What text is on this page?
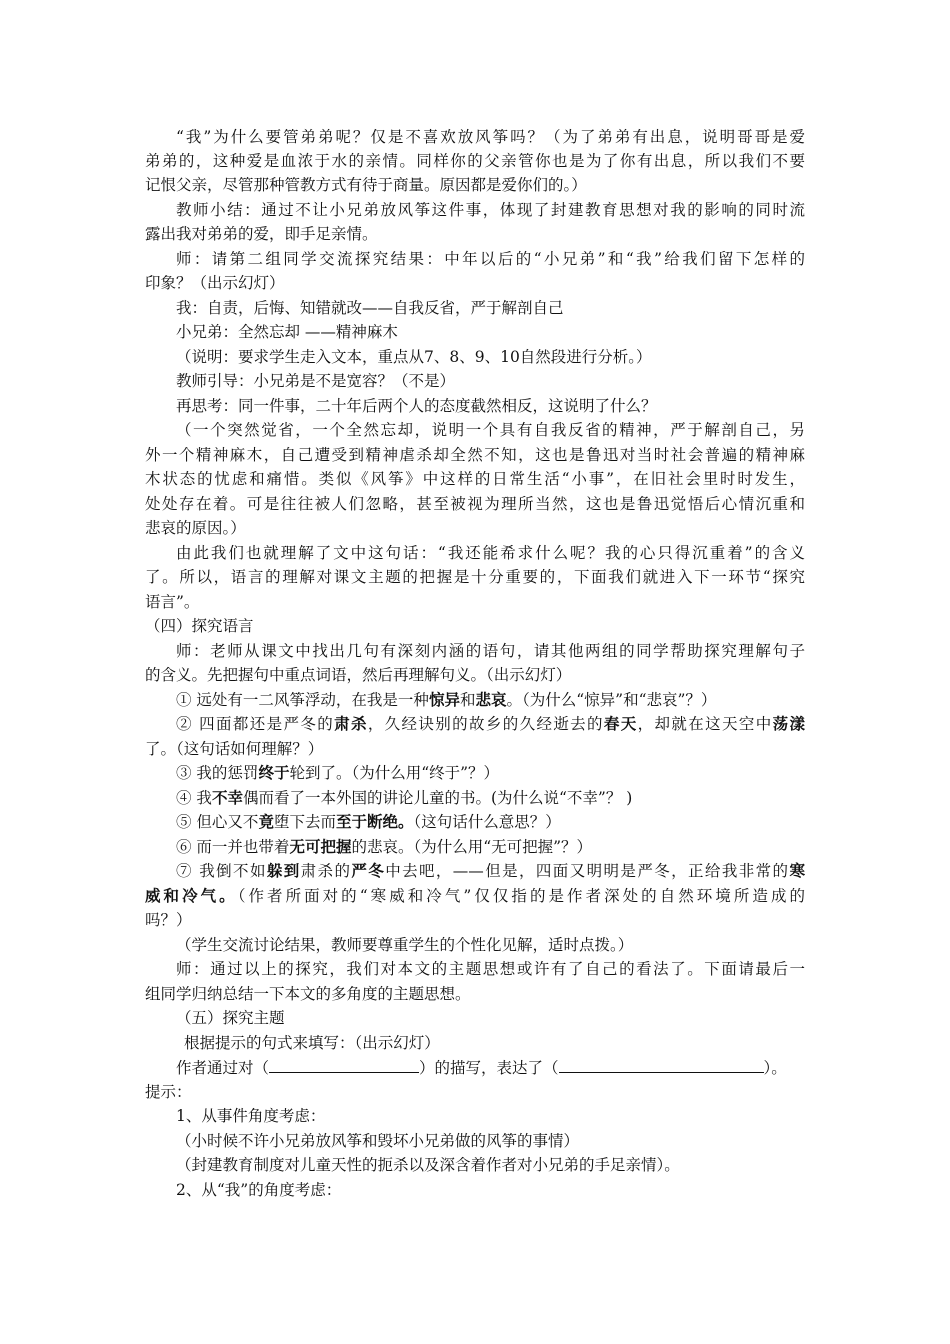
“我”为什么要管弟弟呢？仅是不喜欢放风筝吗？（为了弟弟有出息，说明哥哥是爱
弟弟的，这种爱是血浓于水的亲情。同样你的父亲管你也是为了你有出息，所以我们不要
记恨父亲，尽管那种管教方式有待于商量。原因都是爱你们的。）
教师小结：通过不让小兄弟放风筝这件事，体现了封建教育思想对我的影响的同时流
露出我对弟弟的爱，即手足亲情。
师：请第二组同学交流探究结果：中年以后的“小兄弟”和“我”给我们留下怎样的
印象？（出示幻灯）
我：自责，后悔、知错就改——自我反省，严于解剖自己
小兄弟：全然忘却 ——精神麻木
（说明：要求学生走入文本，重点从7、8、9、10自然段进行分析。）
教师引导：小兄弟是不是宽容？（不是）
再思考：同一件事，二十年后两个人的态度截然相反，这说明了什么？
（一个突然觉省，一个全然忘却，说明一个具有自我反省的精神，严于解剖自己，另
外一个精神麻木，自己遭受到精神虐杀却全然不知，这也是鲁迅对当时社会普遍的精神麻
木状态的忧虑和痛惜。类似《风筝》中这样的日常生活“小事”，在旧社会里时时发生，
处处存在着。可是往往被人们忽略，甚至被视为理所当然，这也是鲁迅觉悟后心情沉重和
悲哀的原因。）
由此我们也就理解了文中这句话：“我还能希求什么呢？我的心只得沉重着”的含义
了。所以，语言的理解对课文主题的把握是十分重要的，下面我们就进入下一环节“探究
语言”。
（四）探究语言
师：老师从课文中找出几句有深刻内涵的语句，请其他两组的同学帮助探究理解句子
的含义。先把握句中重点词语，然后再理解句义。（出示幻灯）
① 远处有一二风筝浮动，在我是一种惊异和悲哀。（为什么“惊异”和“悲哀”？）
② 四面都还是严冬的肃杀，久经诀别的故乡的久经逝去的春天，却就在这天空中荡漾
了。（这句话如何理解？）
③ 我的惩罚终于轮到了。（为什么用“终于”？）
④ 我不幸偶而看了一本外国的讲论儿童的书。(为什么说“不幸”？ )
⑤ 但心又不竟堕下去而至于断绝。（这句话什么意思？）
⑥ 而一并也带着无可把握的悲哀。（为什么用“无可把握”？）
⑦ 我倒不如躲到肃杀的严冬中去吧，——但是，四面又明明是严冬，正给我非常的寒
威和冷气。（作者所面对的“寒威和冷气”仅仅指的是作者深处的自然环境所造成的
吗？）
（学生交流讨论结果，教师要尊重学生的个性化见解，适时点拨。）
师：通过以上的探究，我们对本文的主题思想或许有了自己的看法了。下面请最后一
组同学归纳总结一下本文的多角度的主题思想。
（五）探究主题
根据提示的句式来填写：（出示幻灯）
作者通过对（	）的描写，表达了（	）。
提示：
1、从事件角度考虑：
（小时候不许小兄弟放风筝和毁坏小兄弟做的风筝的事情）
（封建教育制度对儿童天性的扼杀以及深含着作者对小兄弟的手足亲情）。
2、从“我”的角度考虑：
